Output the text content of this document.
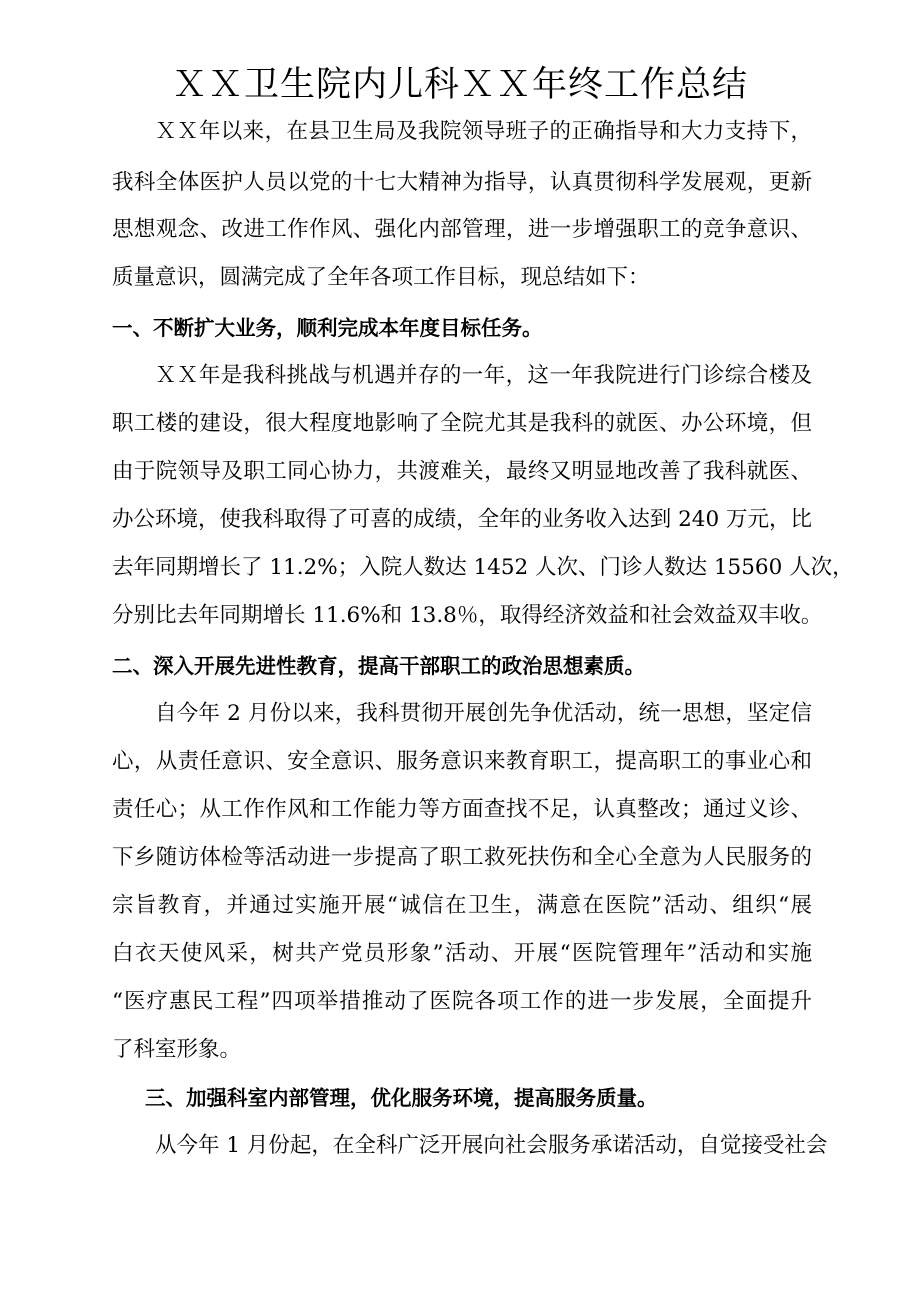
ＸＸ卫生院内儿科ＸＸ年终工作总结
ＸＸ年以来，在县卫生局及我院领导班子的正确指导和大力支持下，
我科全体医护人员以党的十七大精神为指导，认真贯彻科学发展观，更新
思想观念、改进工作作风、强化内部管理，进一步增强职工的竞争意识、
质量意识，圆满完成了全年各项工作目标，现总结如下：
一、不断扩大业务，顺利完成本年度目标任务。
ＸＸ年是我科挑战与机遇并存的一年，这一年我院进行门诊综合楼及
职工楼的建设，很大程度地影响了全院尤其是我科的就医、办公环境，但
由于院领导及职工同心协力，共渡难关，最终又明显地改善了我科就医、
办公环境，使我科取得了可喜的成绩，全年的业务收入达到 240 万元，比
去年同期增长了 11.2%；入院人数达 1452 人次、门诊人数达 15560 人次，
分别比去年同期增长 11.6%和 13.8％，取得经济效益和社会效益双丰收。
二、深入开展先进性教育，提高干部职工的政治思想素质。
自今年 2 月份以来，我科贯彻开展创先争优活动，统一思想，坚定信
心，从责任意识、安全意识、服务意识来教育职工，提高职工的事业心和
责任心；从工作作风和工作能力等方面查找不足，认真整改；通过义诊、
下乡随访体检等活动进一步提高了职工救死扶伤和全心全意为人民服务的
宗旨教育，并通过实施开展“诚信在卫生，满意在医院”活动、组织“展
白衣天使风采，树共产党员形象”活动、开展“医院管理年”活动和实施
“医疗惠民工程”四项举措推动了医院各项工作的进一步发展，全面提升
了科室形象。
三、加强科室内部管理，优化服务环境，提高服务质量。
从今年 1 月份起，在全科广泛开展向社会服务承诺活动，自觉接受社会
